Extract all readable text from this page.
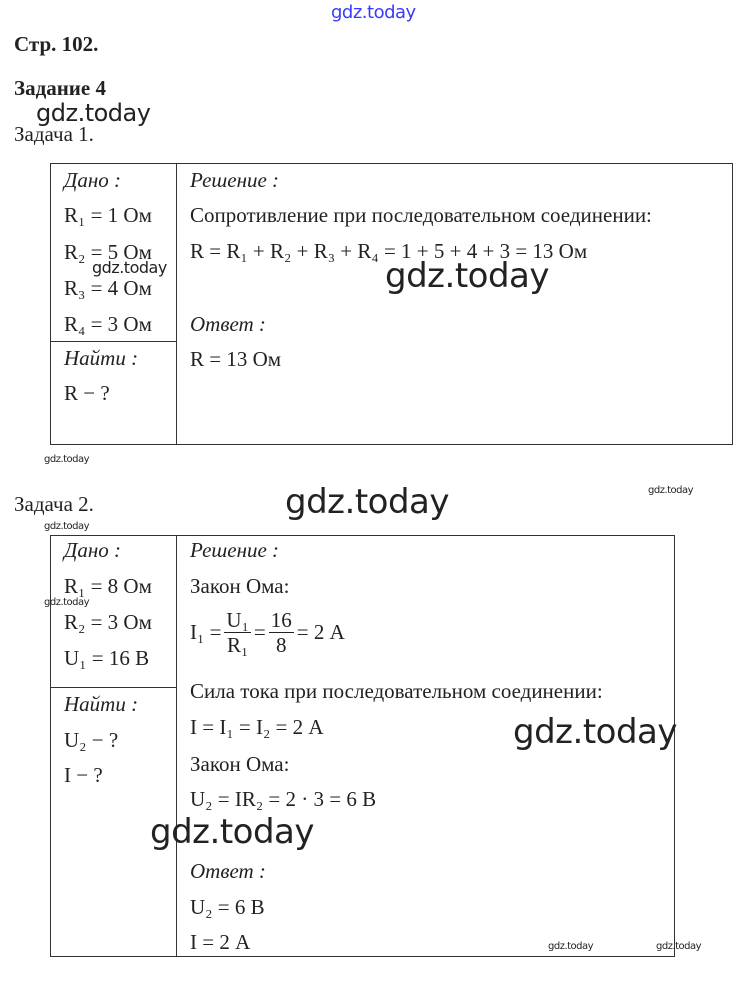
gdz.today
Стр. 102.
Задание 4
gdz.today
Задача 1.
Дано :
R₁ = 1 Ом
R₂ = 5 Ом
R₃ = 4 Ом
R₄ = 3 Ом
Найти :
R − ?
gdz.today
Решение :
Сопротивление при последовательном соединении:
R = R₁ + R₂ + R₃ + R₄ = 1 + 5 + 4 + 3 = 13 Ом
gdz.today
Ответ :
R = 13 Ом
gdz.today
Задача 2.	gdz.today	gdz.today
gdz.today
Дано :
R₁ = 8 Ом
gdz.today
R₂ = 3 Ом
U₁ = 16 В
Найти :
U₂ − ?
I − ?
Решение :
Закон Ома:
$I_1 = \frac{\text{U₁}}{\text{R₁}} = \frac{16}{8} = 2$ А
Сила тока при последовательном соединении:
I = I₁ = I₂ = 2 А	gdz.today
Закон Ома:
U₂ = IR₂ = 2 · 3 = 6 В
gdz.today
Ответ :
U₂ = 6 В
I = 2 А	gdz.today	gdz.today
